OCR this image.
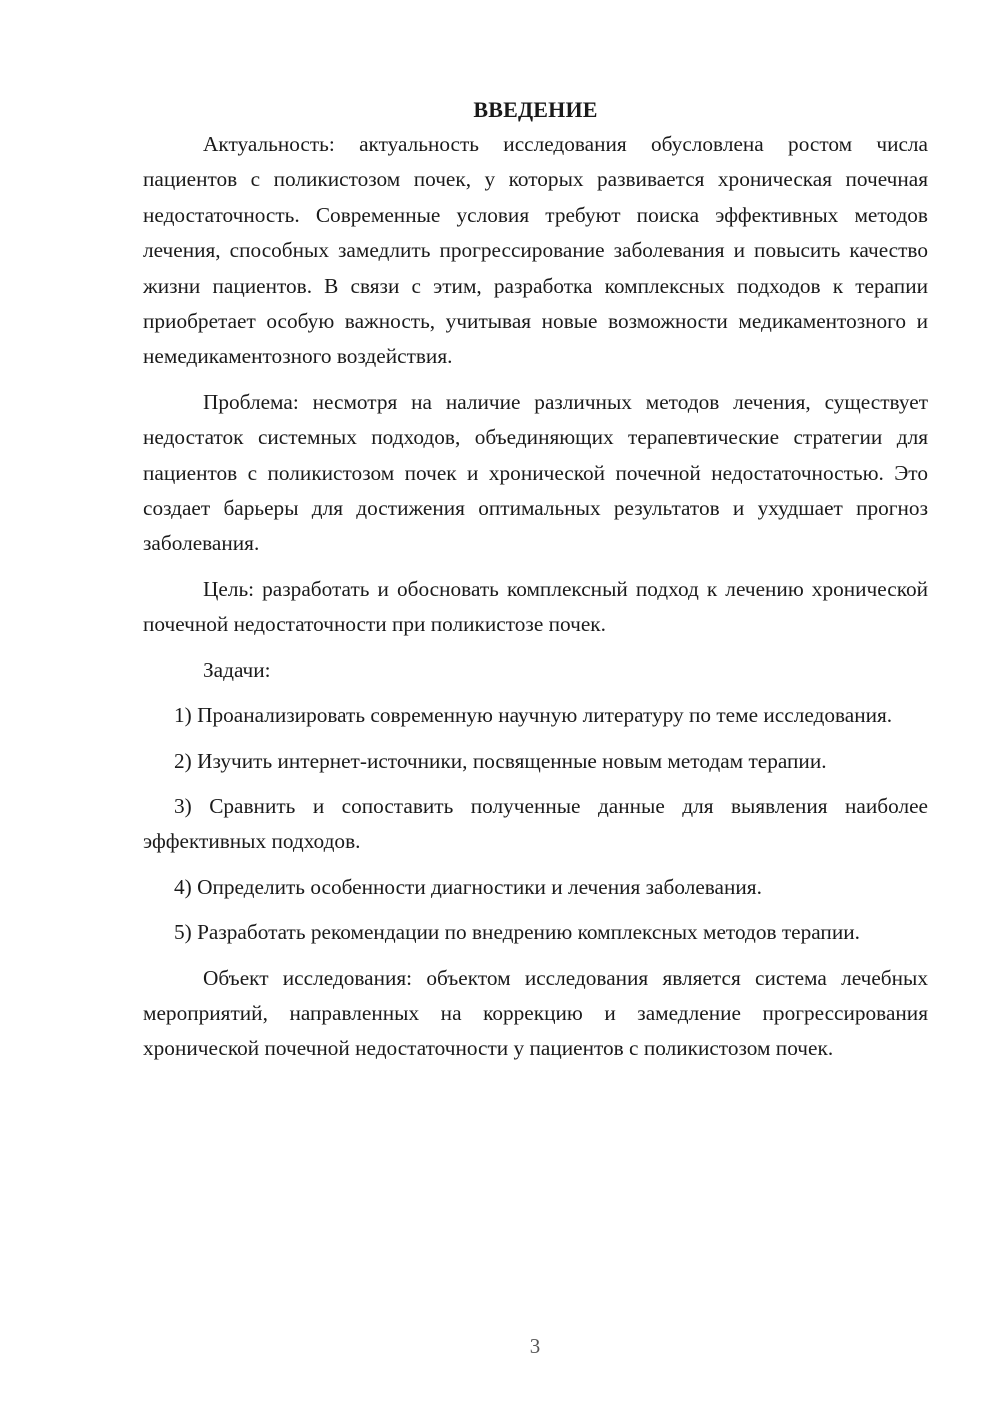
ВВЕДЕНИЕ

Актуальность: актуальность исследования обусловлена ростом числа пациентов с поликистозом почек, у которых развивается хроническая почечная недостаточность. Современные условия требуют поиска эффективных методов лечения, способных замедлить прогрессирование заболевания и повысить качество жизни пациентов. В связи с этим, разработка комплексных подходов к терапии приобретает особую важность, учитывая новые возможности медикаментозного и немедикаментозного воздействия.

Проблема: несмотря на наличие различных методов лечения, существует недостаток системных подходов, объединяющих терапевтические стратегии для пациентов с поликистозом почек и хронической почечной недостаточностью. Это создает барьеры для достижения оптимальных результатов и ухудшает прогноз заболевания.

Цель: разработать и обосновать комплексный подход к лечению хронической почечной недостаточности при поликистозе почек.

Задачи:

1) Проанализировать современную научную литературу по теме исследования.

2) Изучить интернет-источники, посвященные новым методам терапии.

3) Сравнить и сопоставить полученные данные для выявления наиболее эффективных подходов.

4) Определить особенности диагностики и лечения заболевания.

5) Разработать рекомендации по внедрению комплексных методов терапии.

Объект исследования: объектом исследования является система лечебных мероприятий, направленных на коррекцию и замедление прогрессирования хронической почечной недостаточности у пациентов с поликистозом почек.

3
